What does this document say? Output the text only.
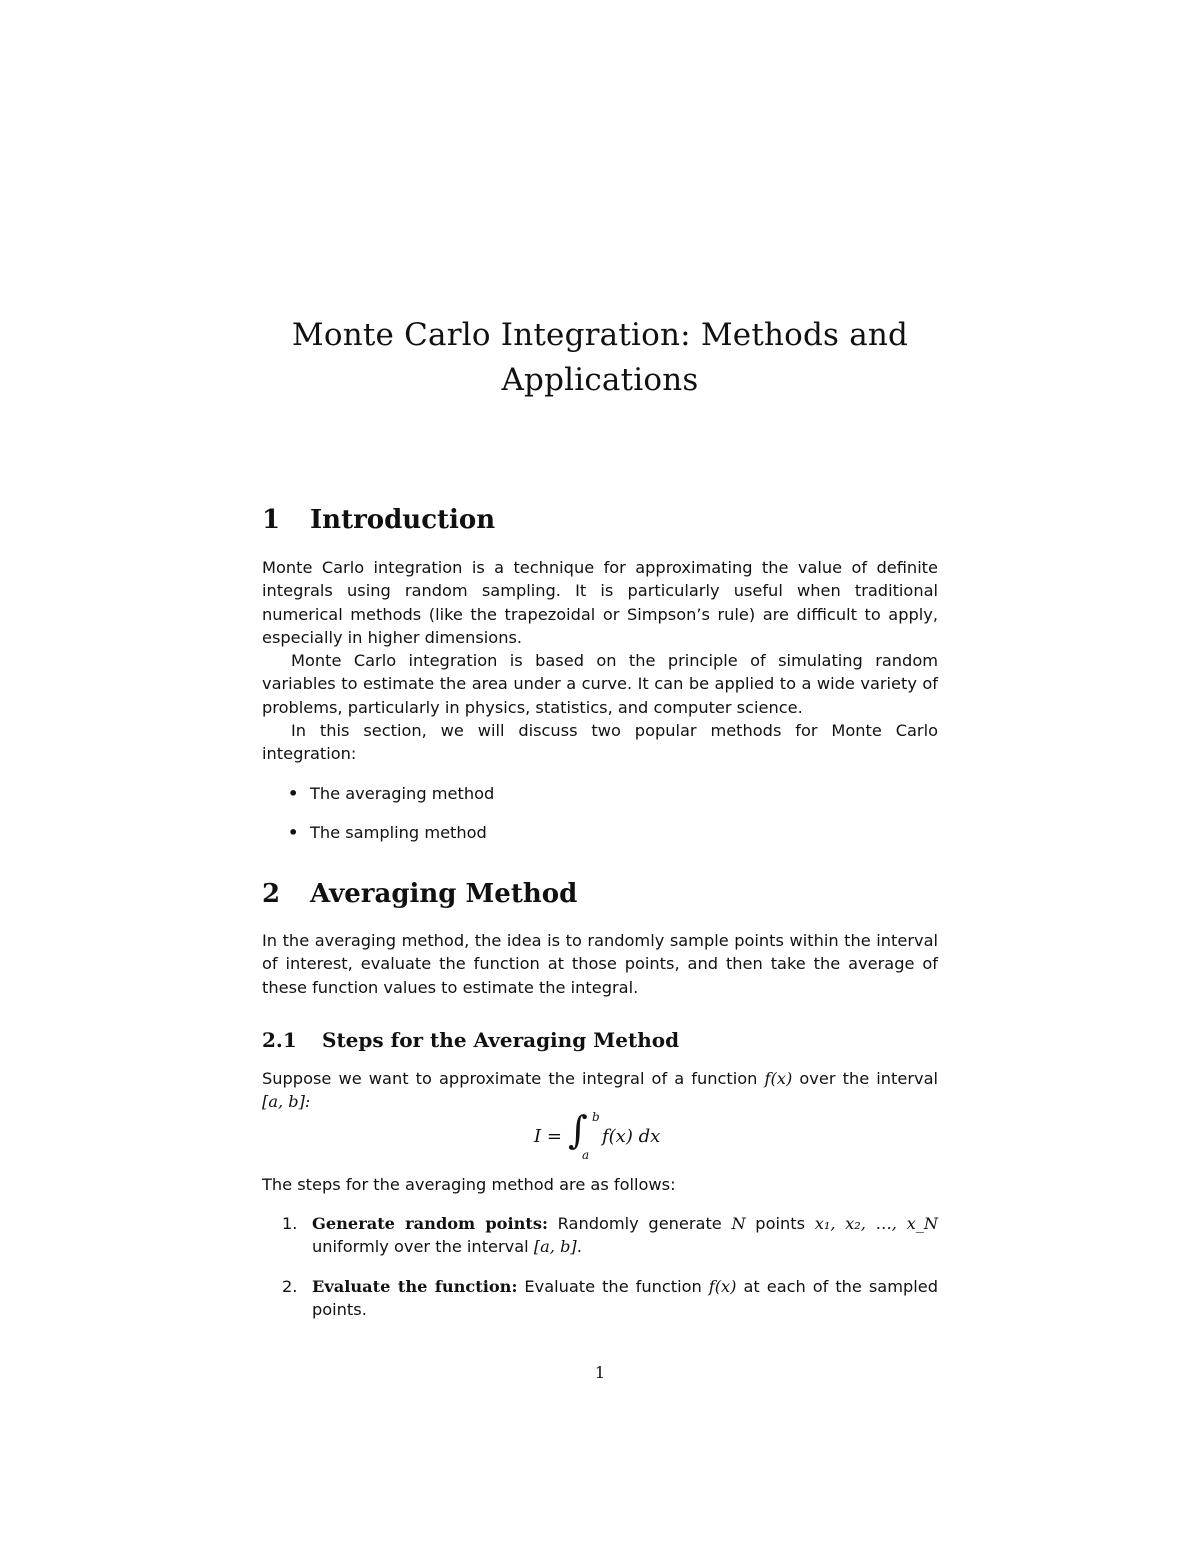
Monte Carlo Integration: Methods and
Applications
1 Introduction

Monte Carlo integration is a technique for approximating the value of definite integrals using random sampling. It is particularly useful when traditional numerical methods (like the trapezoidal or Simpson’s rule) are difficult to apply, especially in higher dimensions.

Monte Carlo integration is based on the principle of simulating random variables to estimate the area under a curve. It can be applied to a wide variety of problems, particularly in physics, statistics, and computer science.

In this section, we will discuss two popular methods for Monte Carlo integration:

• The averaging method
• The sampling method
2 Averaging Method

In the averaging method, the idea is to randomly sample points within the interval of interest, evaluate the function at those points, and then take the average of these function values to estimate the integral.

2.1 Steps for the Averaging Method

Suppose we want to approximate the integral of a function f(x) over the interval [a, b]:

I = ∫ b
a
f(x) dx

The steps for the averaging method are as follows:

1. Generate random points: Randomly generate N points x₁, x₂, …, x_N uniformly over the interval [a, b].
2. Evaluate the function: Evaluate the function f(x) at each of the sampled points.
1
